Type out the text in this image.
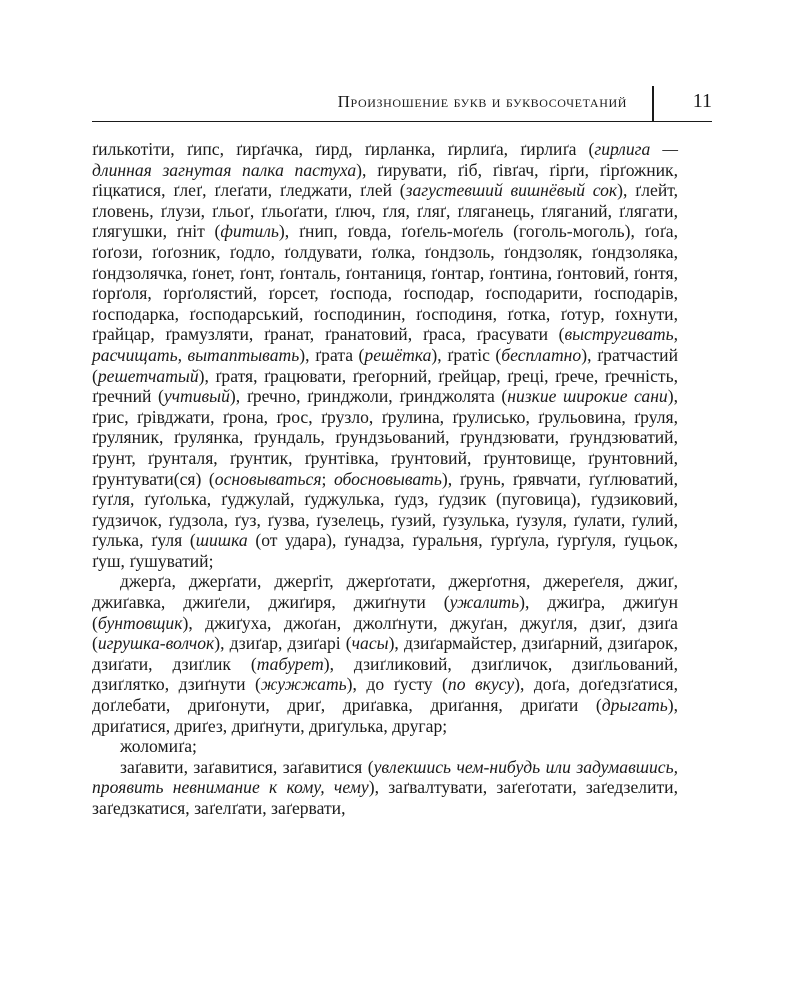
Произношение букв и буквосочетаний	11

ґилькотіти, ґипс, ґирґачка, ґирд, ґирланка, ґирлиґа, ґирлиґа (гирлига — длинная загнутая палка пастуха), ґирувати, ґіб, ґівґач, ґірґи, ґірґожник, ґіцкатися, ґлеґ, ґлеґати, ґледжати, ґлей (загустевший вишнёвый сок), ґлейт, ґловень, ґлузи, ґльоґ, ґльоґати, ґлюч, ґля, ґляґ, ґляганець, ґляганий, ґлягати, ґлягушки, ґніт (фитиль), ґнип, ґовда, ґоґель-моґель (гоголь-моголь), ґоґа, ґоґози, ґоґозник, ґодло, ґолдувати, ґолка, ґондзоль, ґондзоляк, ґондзоляка, ґондзолячка, ґонет, ґонт, ґонталь, ґонтаниця, ґонтар, ґонтина, ґонтовий, ґонтя, ґорґоля, ґорґолястий, ґорсет, ґоспода, ґосподар, ґосподарити, ґосподарів, ґосподарка, ґосподарський, ґосподинин, ґосподиня, ґотка, ґотур, ґохнути, ґрайцар, ґрамузляти, ґранат, ґранатовий, ґраса, ґрасувати (выстругивать, расчищать, вытаптывать), ґрата (решётка), ґратіс (бесплатно), ґратчастий (решетчатый), ґратя, ґрацювати, ґреґорний, ґрейцар, ґреці, ґрече, ґречність, ґречний (учтивый), ґречно, ґринджоли, ґринджолята (низкие широкие сани), ґрис, ґрівджати, ґрона, ґрос, ґрузло, ґрулина, ґрулисько, ґрульовина, ґруля, ґруляник, ґрулянка, ґрундаль, ґрундзьований, ґрундзювати, ґрундзюватий, ґрунт, ґрунталя, ґрунтик, ґрунтівка, ґрунтовий, ґрунтовище, ґрунтовний, ґрунтувати(ся) (основываться; обосновывать), ґрунь, ґрявчати, ґуґлюватий, ґуґля, ґуґолька, ґуджулай, ґуджулька, ґудз, ґудзик (пуговица), ґудзиковий, ґудзичок, ґудзола, ґуз, ґузва, ґузелець, ґузий, ґузулька, ґузуля, ґулати, ґулий, ґулька, ґуля (шишка (от удара), ґунадза, ґуральня, ґурґула, ґурґуля, ґуцьок, ґуш, ґушуватий;

джерґа, джерґати, джерґіт, джерґотати, джерґотня, джереґеля, джиґ, джиґавка, джиґели, джиґиря, джиґнути (ужалить), джиґра, джиґун (бунтовщик), джиґуха, джоґан, джолґнути, джуґан, джуґля, дзиґ, дзиґа (игрушка-волчок), дзиґар, дзиґарі (часы), дзиґармайстер, дзиґарний, дзиґарок, дзиґати, дзиґлик (табурет), дзиґликовий, дзиґличок, дзиґльований, дзиґлятко, дзиґнути (жужжать), до ґусту (по вкусу), доґа, доґедзґатися, доґлебати, дриґонути, дриґ, дриґавка, дриґання, дриґати (дрыгать), дриґатися, дриґез, дриґнути, дриґулька, другар;

жоломиґа;

заґавити, заґавитися, заґавитися (увлекшись чем-нибудь или задумавшись, проявить невнимание к кому, чему), заґвалтувати, заґеґотати, заґедзелити, заґедзкатися, заґелґати, заґервати,
